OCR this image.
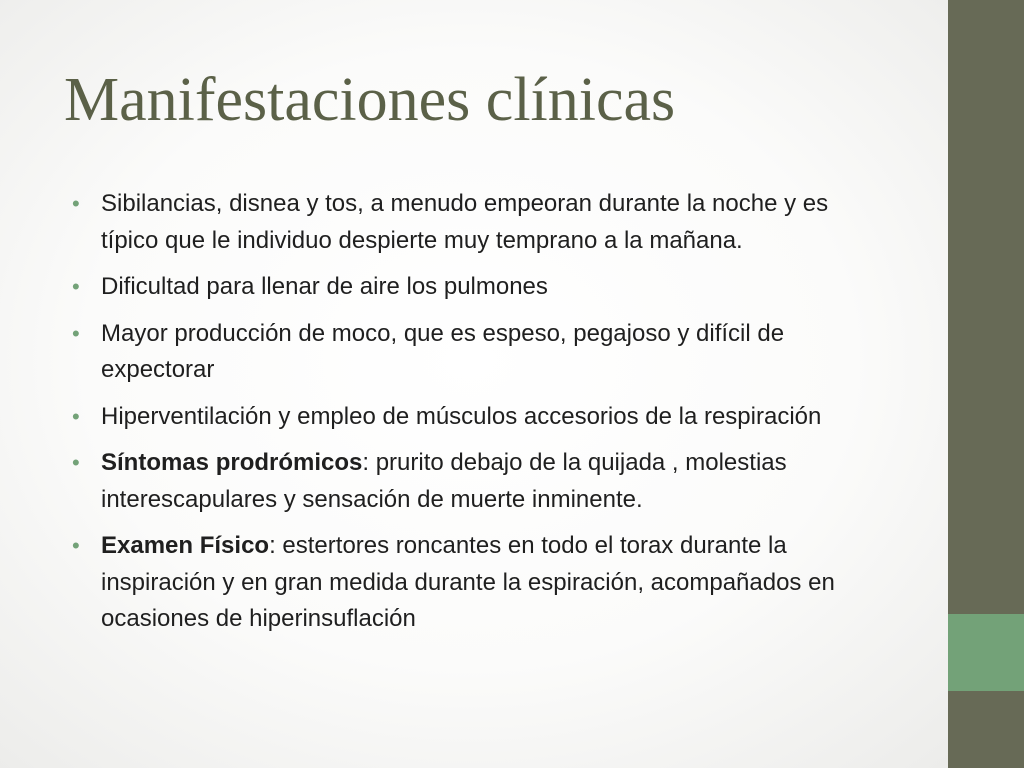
Manifestaciones clínicas
• Sibilancias, disnea y tos, a menudo empeoran durante la noche y es típico que le individuo despierte muy temprano a la mañana.
• Dificultad para llenar de aire los pulmones
• Mayor producción de moco, que es espeso, pegajoso y difícil de expectorar
• Hiperventilación y empleo de músculos accesorios de la respiración
• Síntomas prodrómicos: prurito debajo de la quijada , molestias interescapulares y sensación de muerte inminente.
• Examen Físico: estertores roncantes en todo el torax durante la inspiración y en gran medida durante la espiración, acompañados en ocasiones de hiperinsuflación
